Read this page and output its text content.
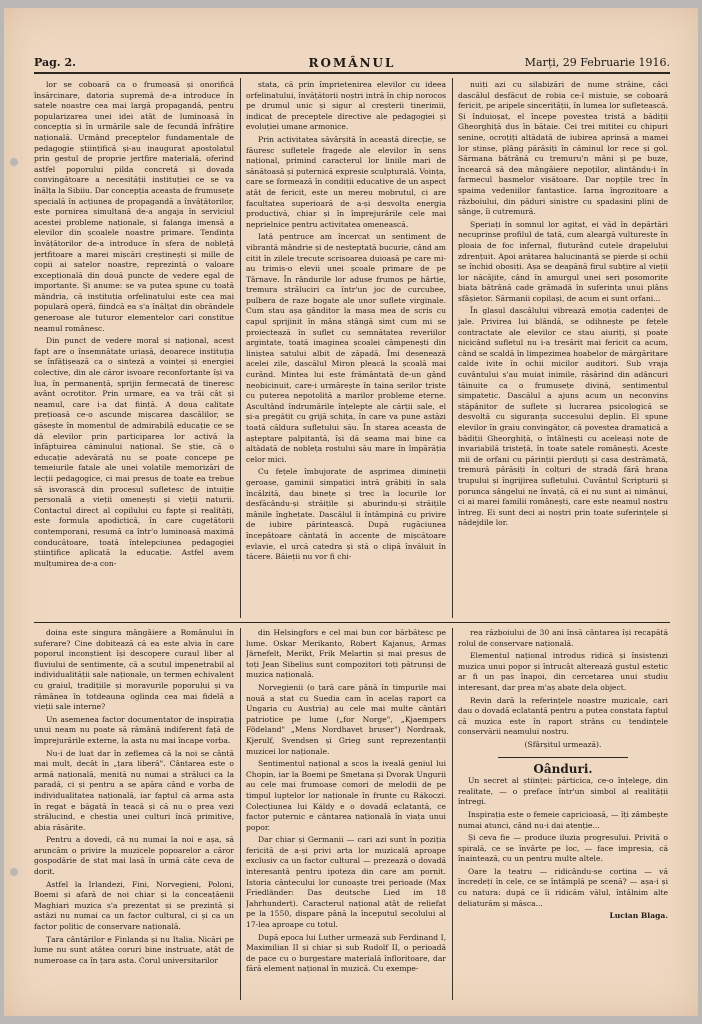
Pag. 2.	ROMÂNUL	Marți, 29 Februarie 1916.

lor se coboară ca o frumoasă și onorifică însărcinare, datoria supremă de-a introduce în satele noastre cea mai largă propagandă, pentru popularizarea unei idei atât de luminoasă în concepția și în urmările sale de fecundă înfrățire națională. Urmând preceptelor fundamentale de pedagogie științifică și-au inaugurat apostolatul prin gestul de proprie jertfire materială, oferind astfel poporului pilda concretă și dovada convingătoare a necesității instituției ce se va înălța la Sibiiu. Dar concepția aceasta de frumusețe specială în acțiunea de propagandă a învățătorilor, este pornirea simultană de-a angaja în serviciul acestei probleme naționale, și falanga imensă a elevilor din școalele noastre primare. Tendința învățătorilor de-a introduce în sfera de nobleță jertfitoare a marei mișcări creștinești și mille de copii ai satelor noastre, reprezintă o valoare excepțională din două puncte de vedere egal de importante. Și anume: se va putea spune cu toată mândria, că instituția orfelinatului este cea mai populară operă, fiindcă ea s'a înălțat din obrăndele generoase ale tuturor elementelor cari constitue neamul românesc.

Din punct de vedere moral și național, acest fapt are o însemnătate uriașă, deoarece instituția se înfățișează ca o sinteză a voinței și energiei colective, din ale căror isvoare reconfortante își va lua, în permanență, sprijin fermecată de tineresc avânt ocrotitor. Prin urmare, ea va trăi cât și neamul, care i-a dat ființă. A doua calitate prețioasă ce-o ascunde mișcarea dascălilor, se găsește în momentul de admirabilă educație ce se dă elevilor prin participarea lor activă la înfăptuirea căminului național. Se știe, că o educație adevărată nu se poate concepe pe temeiurile fatale ale unei volatile memorizări de lecții pedagogice, ci mai presus de toate ea trebue să isvorască din procesul sufletesc de intuiție personală a vieții omenești și vieții naturii. Contactul direct al copilului cu fapte și realități, este formula apodictică, în care cugetătorii contemporani, resumă ca într'o luminoasă maximă conducătoare, toată întelepciunea pedagogiei științifice aplicată la educație. Astfel avem mulțumirea de-a con-

stata, că prin împrietenirea elevilor cu ideea orfelinatului, învățătorii noștri intră în chip norocos pe drumul unic și sigur al creșterii tinerimii, indicat de preceptele directive ale pedagogiei și evoluției umane armonice.

Prin activitatea săvârșită în această direcție, se făuresc sufletele fragede ale elevilor în sens național, primind caracterul lor liniile mari de sănătoasă și puternică expresie sculpturală. Voința, care se formează în condiții educative de un aspect atât de fericit, este un mereu mobrutul, ci are facultatea superioară de a-și desvolta energia productivă, chiar și în împrejurările cele mai neprielnice pentru activitatea omenească.

Iată pentruce am încercat un sentiment de vibrantă mândrie și de nesteptată bucurie, când am citit în zilele trecute scrisoarea duioasă pe care mi-au trimis-o elevii unei școale primare de pe Târnave. În rândurile lor aduse frumos pe hârtie, tremura străluciri ca într'un joc de curcubee, pulbera de raze bogate ale unor suflete virginale. Cum stau așa gânditor la masa mea de scris cu capul sprijinit în mâna stângă simt cum mi se proiectează în suflet cu semnătatea reveriilor argintate, toată imaginea școalei câmpenești din liniștea satului albit de zăpadă. Îmi desenează acelei zile, dascălul Miron pleacă la școală mai curând. Mintea lui este frământată de-un gând neobicinuit, care-i urmărește în taina serilor triste cu puterea nepotolită a marilor probleme eterne. Ascultând îndrumările înțelepte ale cărții sale, el și-a pregătit cu grijă schița, în care va pune astăzi toată căldura sufletului său. În starea aceasta de așteptare palpitantă, își dă seama mai bine ca altădată de nobleța rostului său mare în împărăția celor mici.

Cu fețele îmbujorate de asprimea dimineții geroase, gaminii simpatici intră grăbiți în sala încălzită, dau binețe și trec la locurile lor desfăcându-și străițile și aburindu-și străițile mânile înghețate. Dascălul îi întâmpină cu privire de iubire părintească. După rugăciunea începătoare cântată în accente de mișcătoare evlavie, el urcă catedra și stă o clipă învăluit în tăcere. Băieții nu vor fi chi-

nuiți azi cu silabizări de nume străine, căci dascălul desfăcut de robia ce-l mistuie, se coboară fericit, pe aripele sincerității, în lumea lor sufletească. Și înduioșat, el începe povestea tristă a bădiții Gheorghiță dus în bătaie. Cei trei mititei cu chipuri senine, ocroțiți altădată de iubirea aprinsă a mamei lor stinse, plâng părăsiți în căminul lor rece și gol. Sărmana bătrână cu tremuru'n mâni și pe buze, încearcă să dea mângâiere nepoților, alintându-i în farmecul basmelor visătoare. Dar nopțile trec în spaima vedeniilor fantastice. Iarna îngrozitoare a războiului, din păduri sinistre cu spadasini plini de sânge, îi cutremură.

Speriați în somnul lor agitat, ei văd în depărtări necuprinse profilul de tată, cum aleargă vultureste în ploaia de foc infernal, fluturând cutele drapelului zdrențuit. Apoi arătarea halucinantă se pierde și ochii se închid obosiți. Așa se deapănă firul subțire al vieții lor năcăjite, când în amurgul unei seri posomorite biata bătrână cade grămadă în suferința unui plâns sfâșietor. Sărmanii copilași, de acum ei sunt orfani...

În glasul dascălului vibrează emoția cadenței de jale. Privirea lui blândă, se odihnește pe fețele contractate ale elevilor ce stau aiuriți, și poate nicicând sufletul nu i-a tresărit mai fericit ca acum, când se scaldă în limpezimea hoabelor de mărgăritare calde ivite în ochii micilor auditori. Sub vraja cuvântului s'au muiat inimile, răsărind din adâncuri tăinuite ca o frumusețe divină, sentimentul simpatetic. Dascălul a ajuns acum un neconvins stăpânitor de suflete și lucrarea psicologică se desvoltă cu siguranța succesului deplin. El spune elevilor în graiu convingător, că povestea dramatică a bădiții Gheorghiță, o întâlnești cu aceleași note de invariabilă tristeță, în toate satele românești. Aceste mii de orfani cu părinții pierduți și casa destrămată, tremură părăsiți în colțuri de stradă fără hrana trupului și îngrijirea sufletului. Cuvântul Scripturii și porunca sângelui ne învață, că ei nu sunt ai nimănui, ci ai marei familii românești, care este neamul nostru întreg. Ei sunt deci ai noștri prin toate suferințele și nădejdile lor.

doina este singura mângâiere a Românului în suferare? Cine dobitează că ea este alvia în care poporul inconștient își descopere curaul liber al fluviului de sentimente, că a scutul impenetrabil al individualității sale naționale, un termen echivalent cu graiul, tradițiile și moravurile poporului și va rămânea în totdeauna oglinda cea mai fidelă a vieții sale interne?

Un asemenea factor documentator de inspirația unui neam nu poate să rămână indiferent față de împrejurările externe, la asta nu mai încape vorba.

Nu-i de luat dar în zeflemea că la noi se cântă mai mult, decât în „țara liberă". Cântarea este o armă națională, menită nu numai a străluci ca la paradă, ci și pentru a se apăra când e vorba de individualitatea națională, iar faptul că arma asta în regat e băgată în teacă și că nu o prea vezi strălucind, e chestia unei culturi încă primitive, abia răsărite.

Pentru a dovedi, că nu numai la noi e așa, să aruncăm o privire la muzicele popoarelor a căror gospodărie de stat mai lasă în urmă câte ceva de dorit.

Astfel la Irlandezi, Fini, Norvegieni, Poloni, Boemi și afară de noi chiar și la conceațăenii Maghiari muzica s'a prezentat și se prezintă și astăzi nu numai ca un factor cultural, ci și ca un factor politic de conservare națională.

Țara cântărilor e Finlanda și nu Italia. Nicări pe lume nu sunt atâtea coruri bine instruate, atât de numeroase ca în țara asta. Corul universitarilor

din Helsingfors e cel mai bun cor bărbătesc pe lume. Oskar Merikanto, Robert Kajanus, Armas Järnefelt, Merikt, Frik Melartin și mai presus de toți Jean Sibelius sunt compozitori toți pătrunși de muzica națională.

Norvegienii (o țară care până în timpurile mai nouă a stat cu Suedia cam în acelaș raport ca Ungaria cu Austria) au cele mai multe cântări patriotice pe lume („for Norge", „Kjaempers Födeland" „Mens Nordhavet bruser") Nordraak, Kjerulf, Svendsen și Grieg sunt reprezentanții muzicei lor naționale.

Sentimentul național a scos la iveală geniul lui Chopin, iar la Boemi pe Smetana și Dvorak Ungurii au cele mai frumoase comori de melodii de pe timpul luptelor lor naționale în frunte cu Rákoczi. Colecțiunea lui Káldy e o dovadă eclatantă, ce factor puternic e cântarea națională în viața unui popor.

Dar chiar și Germanii — cari azi sunt în poziția fericită de a-și privi arta lor muzicală aproape exclusiv ca un factor cultural — prezează o dovadă interesantă pentru ipoteza din care am pornit. Istoria cântecului lor cunoaște trei perioade (Max Friedländer: Das deutsche Lied im 18 Jahrhundert). Caracterul național atât de reliefat pe la 1550, dispare până la începutul secolului al 17-lea aproape cu totul.

După epoca lui Luther urmează sub Ferdinand I, Maximilian II și chiar și sub Rudolf II, o perioadă de pace cu o burgestare materială înfloritoare, dar fără element național în muzică. Cu exempe-

rea războiului de 30 ani însă cântarea își recapătă rolul de conservare națională.

Elementul național introdus ridică și însistenzi muzica unui popor și întrucât alterează gustul estetic ar fi un pas înapoi, din cercetarea unui studiu interesant, dar prea m'aș abate dela object.

Revin dară la referințele noastre muzicale, cari dau o dovadă eclatantă pentru a putea constata faptul că muzica este în raport strâns cu tendințele conservării neamului nostru.

(Sfârșitul urmează).

Oânduri.

Un secret al științei: părticica, ce-o înțelege, din realitate, — o preface într'un simbol al realității întregi.

Inspirația este o femeie capricioasă, — îți zâmbește numai atunci, când nu-i dai atenție...

Și ceva fie — produce iluzia progresului. Privită o spirală, ce se învârte pe loc, — face impresia, că înaintează, cu un pentru multe altele.

Oare la teatru — ridicându-se cortina — vă încredeți în cele, ce se întâmplă pe scenă? — așa-i și cu natura: după ce îi ridicăm vălul, întâlnim alte deliaturăm și măsca...

Lucian Blaga.
